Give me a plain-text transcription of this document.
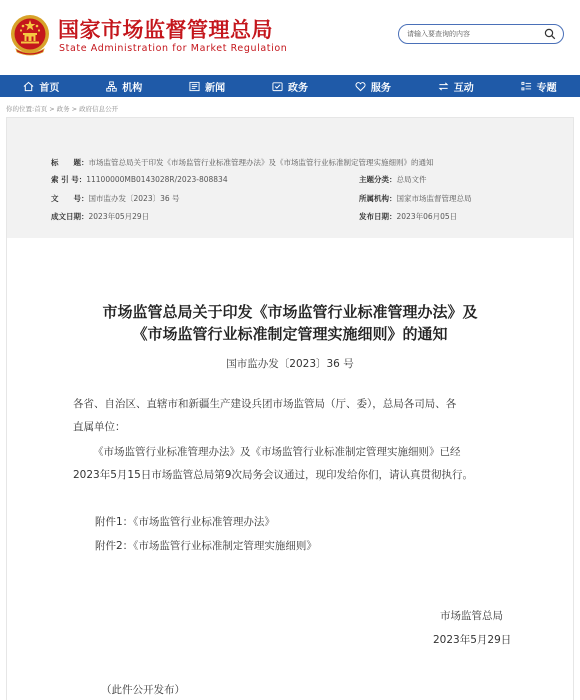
国家市场监督管理总局
State Administration for Market Regulation
请输入要查询的内容
首页	机构	新闻	政务	服务	互动	专题
你的位置:首页 > 政务 > 政府信息公开
标　　题：市场监管总局关于印发《市场监管行业标准管理办法》及《市场监管行业标准制定管理实施细则》的通知
索 引 号：11100000MB0143028R/2023-808834	主题分类：总局文件
文　　号：国市监办发〔2023〕36 号	所属机构：国家市场监督管理总局
成文日期：2023年05月29日	发布日期：2023年06月05日
市场监管总局关于印发《市场监管行业标准管理办法》及
《市场监管行业标准制定管理实施细则》的通知
国市监办发〔2023〕36 号
各省、自治区、直辖市和新疆生产建设兵团市场监管局（厅、委），总局各司局、各
直属单位：
《市场监管行业标准管理办法》及《市场监管行业标准制定管理实施细则》已经
2023年5月15日市场监管总局第9次局务会议通过，现印发给你们，请认真贯彻执行。
附件1：《市场监管行业标准管理办法》
附件2：《市场监管行业标准制定管理实施细则》
市场监管总局
2023年5月29日
（此件公开发布）
